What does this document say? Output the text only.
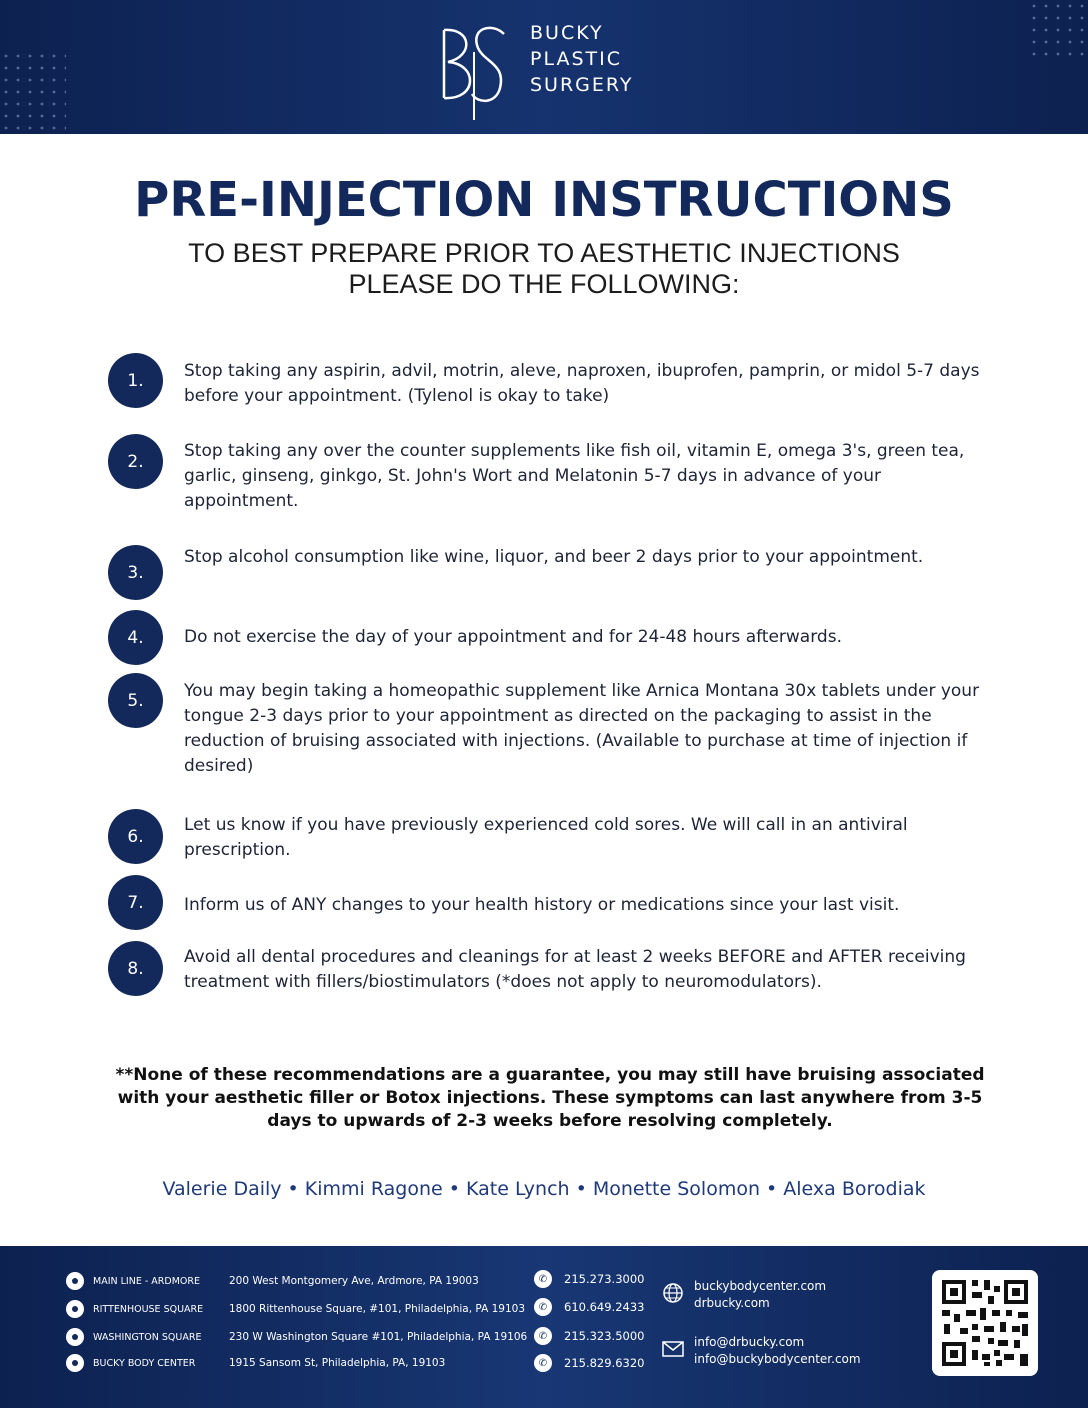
BUCKY
PLASTIC
SURGERY
PRE-INJECTION INSTRUCTIONS
TO BEST PREPARE PRIOR TO AESTHETIC INJECTIONS
PLEASE DO THE FOLLOWING:
1.	Stop taking any aspirin, advil, motrin, aleve, naproxen, ibuprofen, pamprin, or midol 5-7 days before your appointment. (Tylenol is okay to take)
2.
Stop taking any over the counter supplements like fish oil, vitamin E, omega 3's, green tea, garlic, ginseng, ginkgo, St. John's Wort and Melatonin 5-7 days in advance of your appointment.
3.
Stop alcohol consumption like wine, liquor, and beer 2 days prior to your appointment.
4.	Do not exercise the day of your appointment and for 24-48 hours afterwards.
5.	You may begin taking a homeopathic supplement like Arnica Montana 30x tablets under your tongue 2-3 days prior to your appointment as directed on the packaging to assist in the reduction of bruising associated with injections. (Available to purchase at time of injection if desired)
6.
Let us know if you have previously experienced cold sores. We will call in an antiviral prescription.
7.	Inform us of ANY changes to your health history or medications since your last visit.
8.
Avoid all dental procedures and cleanings for at least 2 weeks BEFORE and AFTER receiving treatment with fillers/biostimulators (*does not apply to neuromodulators).
**None of these recommendations are a guarantee, you may still have bruising associated with your aesthetic filler or Botox injections. These symptoms can last anywhere from 3-5 days to upwards of 2-3 weeks before resolving completely.
Valerie Daily • Kimmi Ragone • Kate Lynch • Monette Solomon • Alexa Borodiak
MAIN LINE - ARDMORE	200 West Montgomery Ave, Ardmore, PA 19003
RITTENHOUSE SQUARE	1800 Rittenhouse Square, #101, Philadelphia, PA 19103
WASHINGTON SQUARE	230 W Washington Square #101, Philadelphia, PA 19106
BUCKY BODY CENTER	1915 Sansom St, Philadelphia, PA, 19103
✆	215.273.3000
✆	610.649.2433
✆	215.323.5000
✆	215.829.6320
buckybodycenter.com
drbucky.com
info@drbucky.com
info@buckybodycenter.com
